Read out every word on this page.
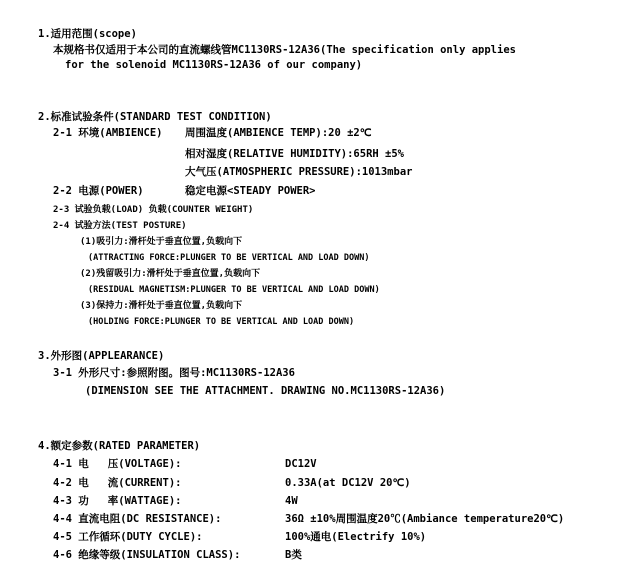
1.适用范围(scope)
本规格书仅适用于本公司的直流螺线管MC1130RS-12A36(The specification only applies
for the solenoid MC1130RS-12A36 of our company)
2.标准试验条件(STANDARD TEST CONDITION)
2-1 环境(AMBIENCE) 周围温度(AMBIENCE TEMP):20 ±2℃
相对湿度(RELATIVE HUMIDITY):65RH ±5%
大气压(ATMOSPHERIC PRESSURE):1013mbar
2-2 电源(POWER)	稳定电源<STEADY POWER>
2-3 试验负载(LOAD) 负载(COUNTER WEIGHT)
2-4 试验方法(TEST POSTURE)
(1)吸引力:滑杆处于垂直位置,负载向下
(ATTRACTING FORCE:PLUNGER TO BE VERTICAL AND LOAD DOWN)
(2)残留吸引力:滑杆处于垂直位置,负载向下
(RESIDUAL MAGNETISM:PLUNGER TO BE VERTICAL AND LOAD DOWN)
(3)保持力:滑杆处于垂直位置,负载向下
(HOLDING FORCE:PLUNGER TO BE VERTICAL AND LOAD DOWN)
3.外形图(APPLEARANCE)
3-1 外形尺寸:参照附图。图号:MC1130RS-12A36
(DIMENSION SEE THE ATTACHMENT. DRAWING NO.MC1130RS-12A36)
4.额定参数(RATED PARAMETER)
4-1 电   压(VOLTAGE):	DC12V
4-2 电   流(CURRENT):	0.33A(at DC12V 20℃)
4-3 功   率(WATTAGE):	4W
4-4 直流电阻(DC RESISTANCE):	36Ω ±10%周围温度20℃(Ambiance temperature20℃)
4-5 工作循环(DUTY CYCLE):	100%通电(Electrify 10%)
4-6 绝缘等级(INSULATION CLASS):	B类
